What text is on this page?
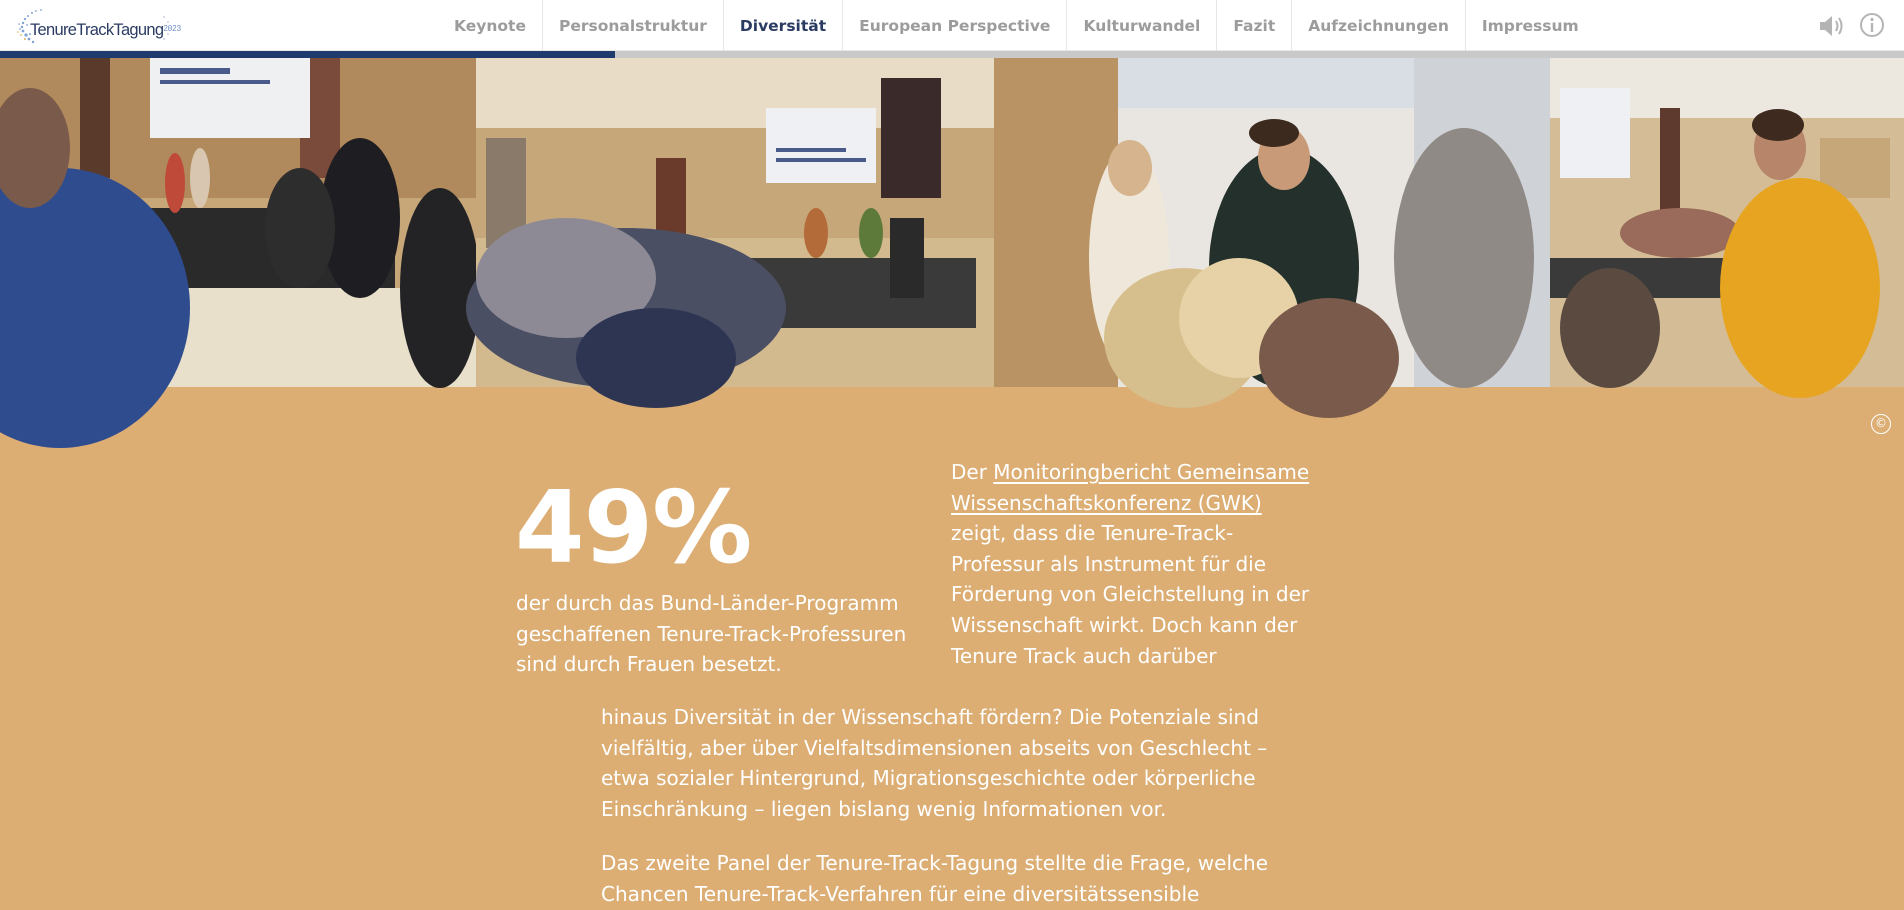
TenureTrackTagung$^{2023}$	Keynote	Personalstruktur	Diversität	European Perspective	Kulturwandel	Fazit	Aufzeichnungen	Impressum
©
49%
der durch das Bund-Länder-Programm geschaffenen Tenure-Track-Professuren sind durch Frauen besetzt.
Der Monitoringbericht Gemeinsame Wissenschaftskonferenz (GWK) zeigt, dass die Tenure-Track-Professur als Instrument für die Förderung von Gleichstellung in der Wissenschaft wirkt. Doch kann der Tenure Track auch darüber
hinaus Diversität in der Wissenschaft fördern? Die Potenziale sind vielfältig, aber über Vielfaltsdimensionen abseits von Geschlecht – etwa sozialer Hintergrund, Migrationsgeschichte oder körperliche Einschränkung – liegen bislang wenig Informationen vor.
Das zweite Panel der Tenure-Track-Tagung stellte die Frage, welche Chancen Tenure-Track-Verfahren für eine diversitätssensible
